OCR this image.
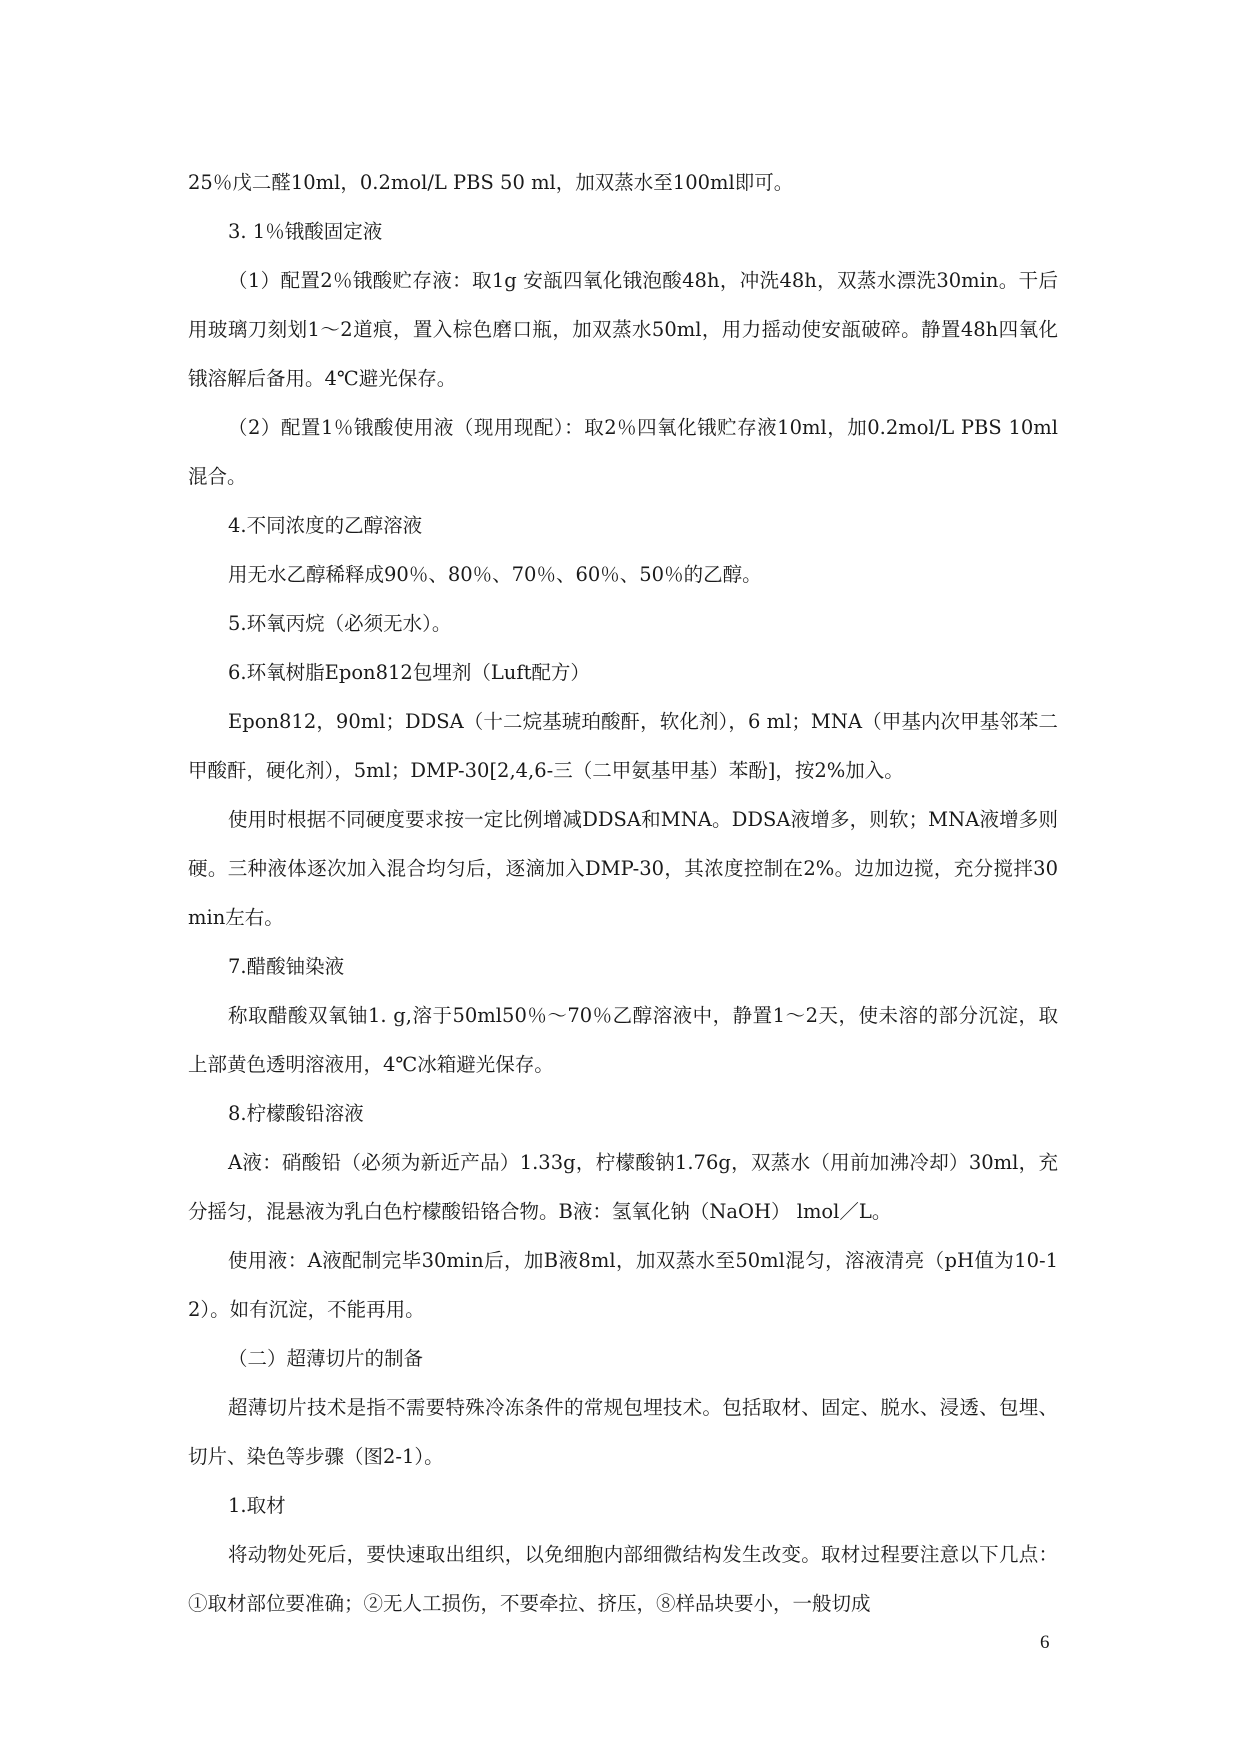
25％戊二醛10ml，0.2mol/L PBS 50 ml，加双蒸水至100ml即可。

3. 1％锇酸固定液

（1）配置2％锇酸贮存液：取1g 安瓿四氧化锇泡酸48h，冲洗48h，双蒸水漂洗30min。干后用玻璃刀刻划1～2道痕，置入棕色磨口瓶，加双蒸水50ml，用力摇动使安瓿破碎。静置48h四氧化锇溶解后备用。4℃避光保存。

（2）配置1％锇酸使用液（现用现配）：取2％四氧化锇贮存液10ml，加0.2mol/L PBS 10ml混合。

4.不同浓度的乙醇溶液

用无水乙醇稀释成90％、80％、70％、60％、50％的乙醇。

5.环氧丙烷（必须无水）。

6.环氧树脂Epon812包埋剂（Luft配方）

Epon812，90ml；DDSA（十二烷基琥珀酸酐，软化剂），6 ml；MNA（甲基内次甲基邻苯二甲酸酐，硬化剂），5ml；DMP-30[2,4,6-三（二甲氨基甲基）苯酚]，按2%加入。

使用时根据不同硬度要求按一定比例增减DDSA和MNA。DDSA液增多，则软；MNA液增多则硬。三种液体逐次加入混合均匀后，逐滴加入DMP-30，其浓度控制在2%。边加边搅，充分搅拌30min左右。

7.醋酸铀染液

称取醋酸双氧铀1. g,溶于50ml50％～70％乙醇溶液中，静置1～2天，使未溶的部分沉淀，取上部黄色透明溶液用，4℃冰箱避光保存。

8.柠檬酸铅溶液

A液：硝酸铅（必须为新近产品）1.33g，柠檬酸钠1.76g，双蒸水（用前加沸冷却）30ml，充分摇匀，混悬液为乳白色柠檬酸铅铬合物。B液：氢氧化钠（NaOH） lmol／L。

使用液：A液配制完毕30min后，加B液8ml，加双蒸水至50ml混匀，溶液清亮（pH值为10-12）。如有沉淀，不能再用。

（二）超薄切片的制备

超薄切片技术是指不需要特殊冷冻条件的常规包埋技术。包括取材、固定、脱水、浸透、包埋、切片、染色等步骤（图2-1）。

1.取材

将动物处死后，要快速取出组织，以免细胞内部细微结构发生改变。取材过程要注意以下几点：①取材部位要准确；②无人工损伤，不要牵拉、挤压，⑧样品块要小，一般切成

6
